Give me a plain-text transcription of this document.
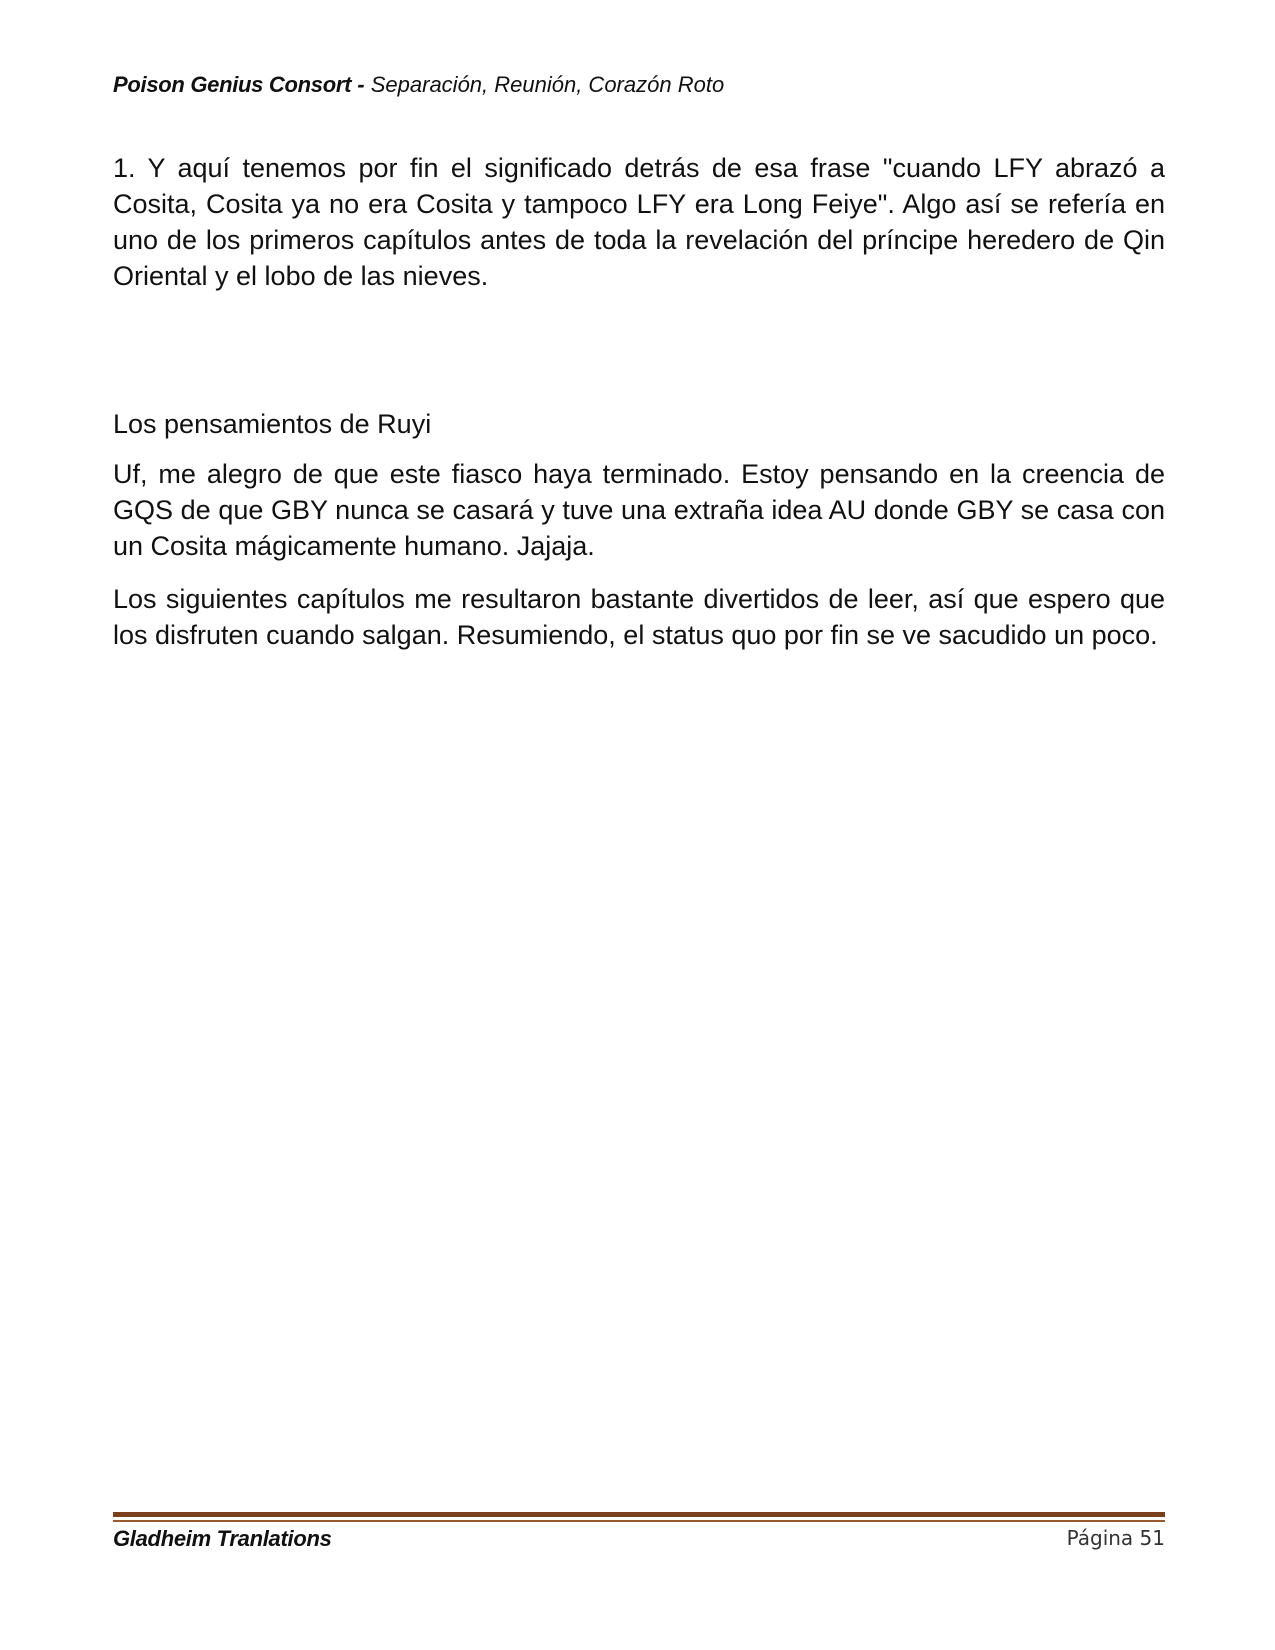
Poison Genius Consort - Separación, Reunión, Corazón Roto

1. Y aquí tenemos por fin el significado detrás de esa frase "cuando LFY abrazó a Cosita, Cosita ya no era Cosita y tampoco LFY era Long Feiye". Algo así se refería en uno de los primeros capítulos antes de toda la revelación del príncipe heredero de Qin Oriental y el lobo de las nieves.

Los pensamientos de Ruyi

Uf, me alegro de que este fiasco haya terminado. Estoy pensando en la creencia de GQS de que GBY nunca se casará y tuve una extraña idea AU donde GBY se casa con un Cosita mágicamente humano. Jajaja.

Los siguientes capítulos me resultaron bastante divertidos de leer, así que espero que los disfruten cuando salgan. Resumiendo, el status quo por fin se ve sacudido un poco.

Gladheim Tranlations	Página 51
